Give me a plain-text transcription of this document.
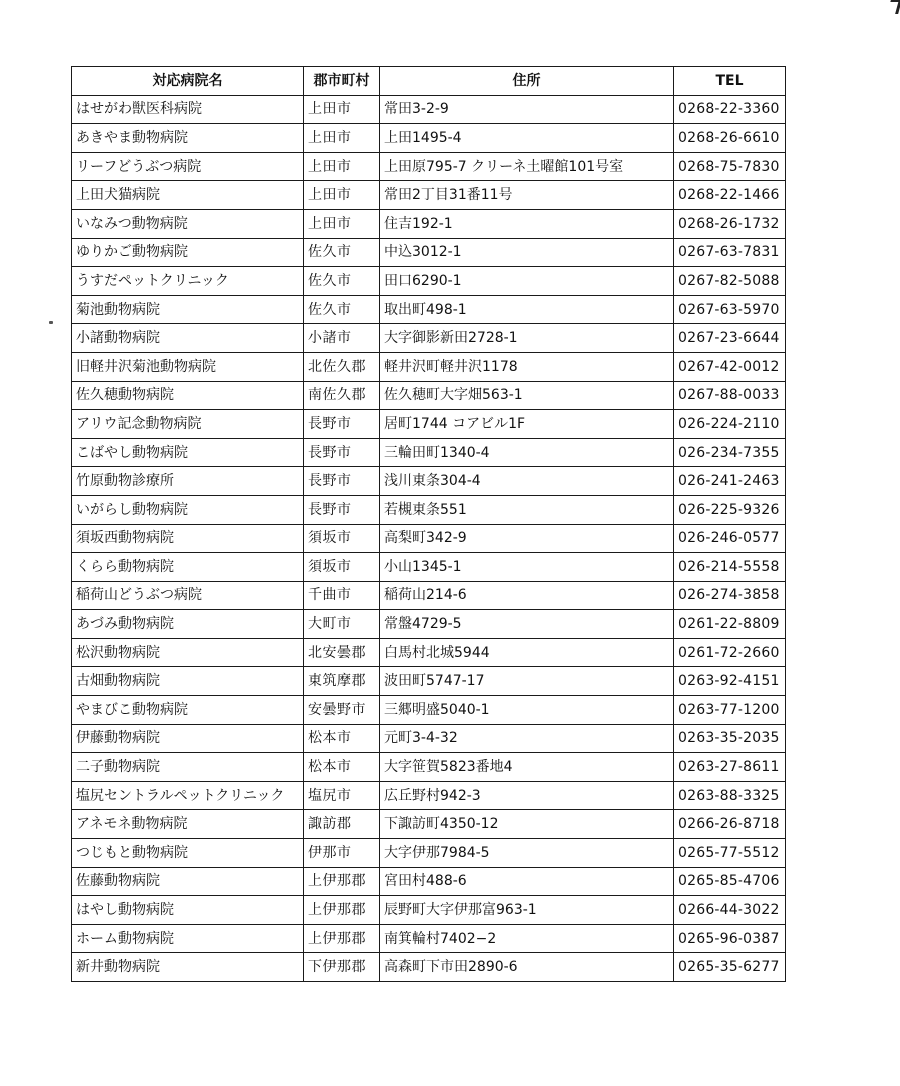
対応病院名	郡市町村	住所	TEL
はせがわ獣医科病院	上田市	常田3-2-9	0268-22-3360
あきやま動物病院	上田市	上田1495-4	0268-26-6610
リーフどうぶつ病院	上田市	上田原795-7 クリーネ土曜館101号室	0268-75-7830
上田犬猫病院	上田市	常田2丁目31番11号	0268-22-1466
いなみつ動物病院	上田市	住吉192-1	0268-26-1732
ゆりかご動物病院	佐久市	中込3012-1	0267-63-7831
うすだペットクリニック	佐久市	田口6290-1	0267-82-5088
菊池動物病院	佐久市	取出町498-1	0267-63-5970
小諸動物病院	小諸市	大字御影新田2728-1	0267-23-6644
旧軽井沢菊池動物病院	北佐久郡	軽井沢町軽井沢1178	0267-42-0012
佐久穂動物病院	南佐久郡	佐久穂町大字畑563-1	0267-88-0033
アリウ記念動物病院	長野市	居町1744 コアビル1F	026-224-2110
こばやし動物病院	長野市	三輪田町1340-4	026-234-7355
竹原動物診療所	長野市	浅川東条304-4	026-241-2463
いがらし動物病院	長野市	若槻東条551	026-225-9326
須坂西動物病院	須坂市	高梨町342-9	026-246-0577
くらら動物病院	須坂市	小山1345-1	026-214-5558
稲荷山どうぶつ病院	千曲市	稲荷山214-6	026-274-3858
あづみ動物病院	大町市	常盤4729-5	0261-22-8809
松沢動物病院	北安曇郡	白馬村北城5944	0261-72-2660
古畑動物病院	東筑摩郡	波田町5747-17	0263-92-4151
やまびこ動物病院	安曇野市	三郷明盛5040-1	0263-77-1200
伊藤動物病院	松本市	元町3-4-32	0263-35-2035
二子動物病院	松本市	大字笹賀5823番地4	0263-27-8611
塩尻セントラルペットクリニック	塩尻市	広丘野村942-3	0263-88-3325
アネモネ動物病院	諏訪郡	下諏訪町4350-12	0266-26-8718
つじもと動物病院	伊那市	大字伊那7984-5	0265-77-5512
佐藤動物病院	上伊那郡	宮田村488-6	0265-85-4706
はやし動物病院	上伊那郡	辰野町大字伊那富963-1	0266-44-3022
ホーム動物病院	上伊那郡	南箕輪村7402−2	0265-96-0387
新井動物病院	下伊那郡	高森町下市田2890-6	0265-35-6277
